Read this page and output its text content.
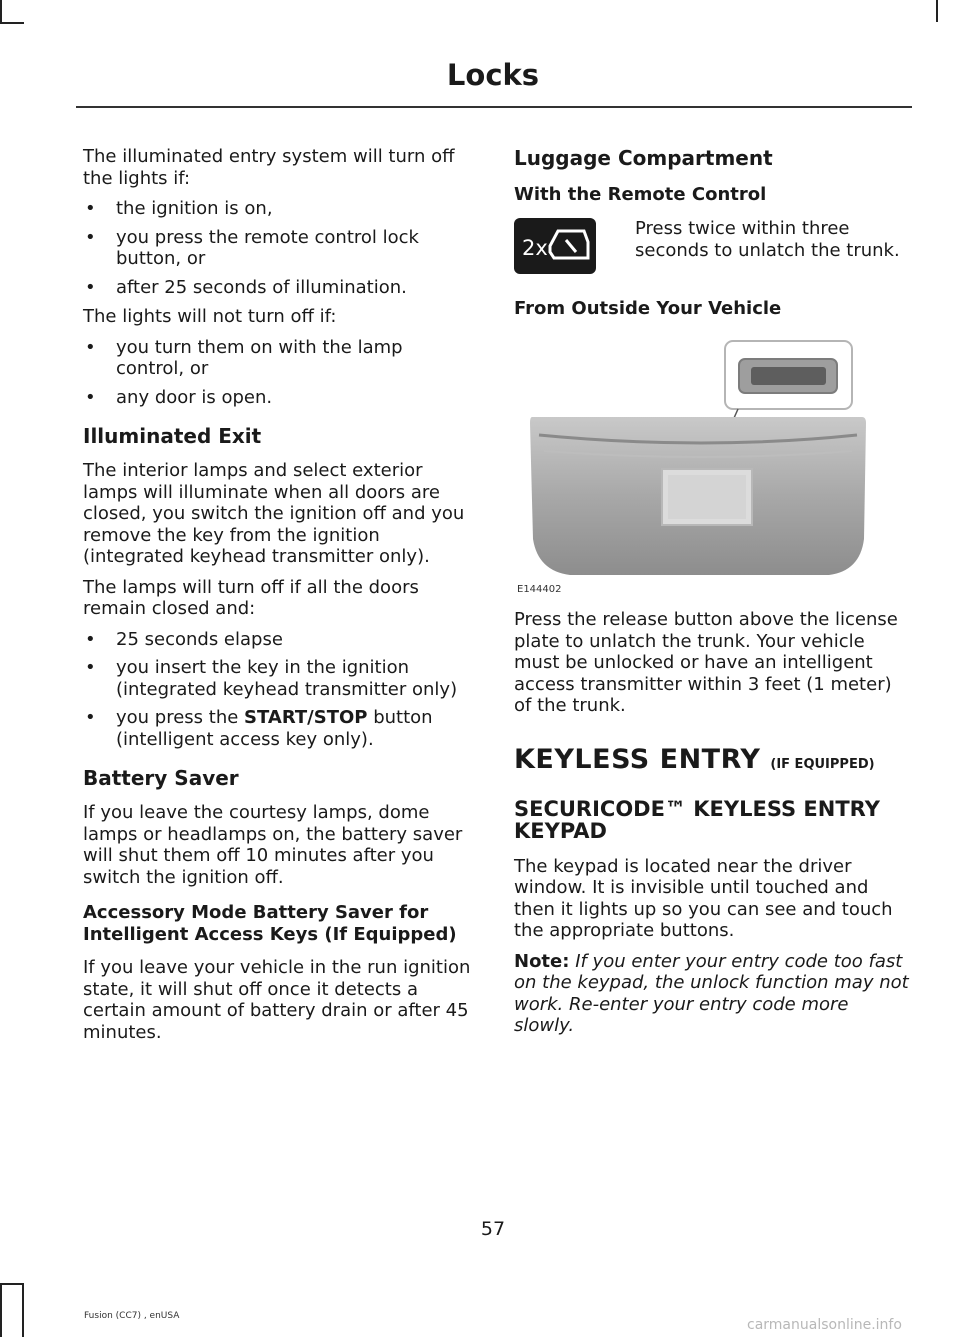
Locks

The illuminated entry system will turn off the lights if:

• the ignition is on,
• you press the remote control lock button, or
• after 25 seconds of illumination.

The lights will not turn off if:

• you turn them on with the lamp control, or
• any door is open.
Illuminated Exit

The interior lamps and select exterior lamps will illuminate when all doors are closed, you switch the ignition off and you remove the key from the ignition (integrated keyhead transmitter only).

The lamps will turn off if all the doors remain closed and:

• 25 seconds elapse
• you insert the key in the ignition (integrated keyhead transmitter only)
• you press the START/STOP button (intelligent access key only).
Battery Saver

If you leave the courtesy lamps, dome lamps or headlamps on, the battery saver will shut them off 10 minutes after you switch the ignition off.

Accessory Mode Battery Saver for Intelligent Access Keys (If Equipped)

If you leave your vehicle in the run ignition state, it will shut off once it detects a certain amount of battery drain or after 45 minutes.

Luggage Compartment
With the Remote Control
2x
Press twice within three seconds to unlatch the trunk.
From Outside Your Vehicle
E144402

Press the release button above the license plate to unlatch the trunk. Your vehicle must be unlocked or have an intelligent access transmitter within 3 feet (1 meter) of the trunk.

KEYLESS ENTRY (IF EQUIPPED)
SECURICODE™ KEYLESS ENTRY KEYPAD

The keypad is located near the driver window. It is invisible until touched and then it lights up so you can see and touch the appropriate buttons.

Note: If you enter your entry code too fast on the keypad, the unlock function may not work. Re-enter your entry code more slowly.

57
Fusion (CC7) , enUSA
carmanualsonline.info
